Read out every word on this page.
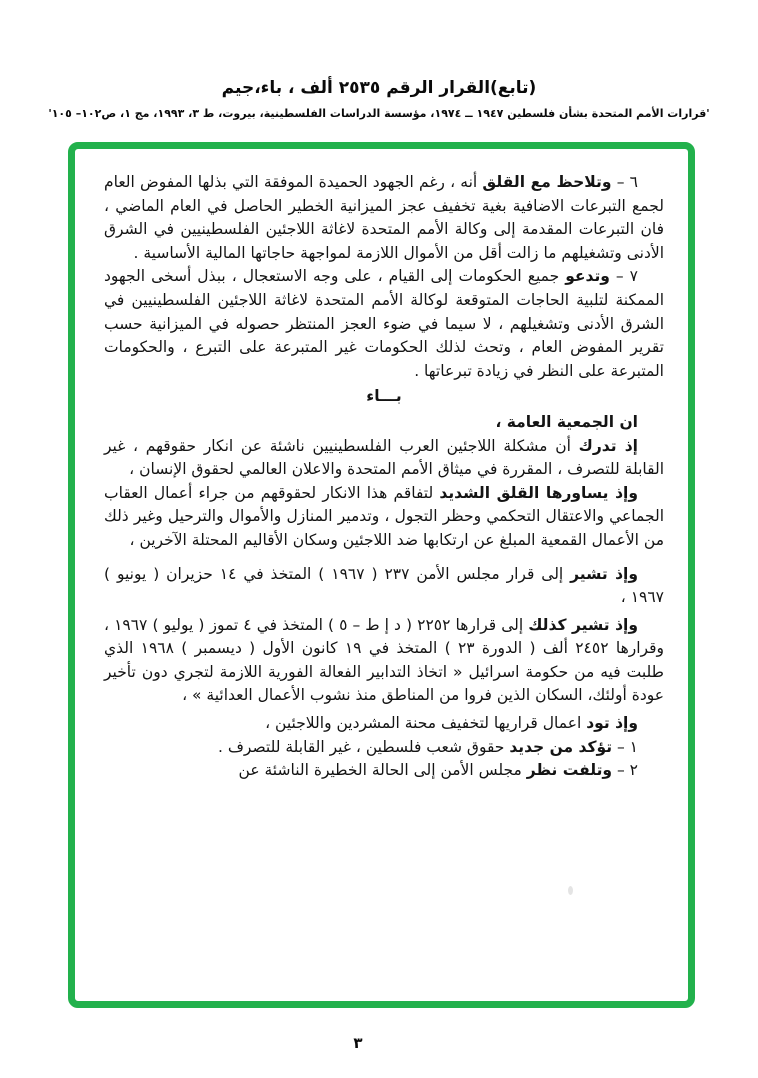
(تابع)القرار الرقم ٢٥٣٥ ألف ، باء،جيم
'قرارات الأمم المتحدة بشأن فلسطين ١٩٤٧ ــ ١٩٧٤، مؤسسة الدراسات الفلسطينية، بيروت، ط ٣، ١٩٩٣، مج ١، ص١٠٢– ١٠٥'

٦ – وتلاحظ مع القلق أنه ، رغم الجهود الحميدة الموفقة التي بذلها المفوض العام لجمع التبرعات الاضافية بغية تخفيف عجز الميزانية الخطير الحاصل في العام الماضي ، فان التبرعات المقدمة إلى وكالة الأمم المتحدة لاغاثة اللاجئين الفلسطينيين في الشرق الأدنى وتشغيلهم ما زالت أقل من الأموال اللازمة لمواجهة حاجاتها المالية الأساسية .

٧ – وتدعو جميع الحكومات إلى القيام ، على وجه الاستعجال ، ببذل أسخى الجهود الممكنة لتلبية الحاجات المتوقعة لوكالة الأمم المتحدة لاغاثة اللاجئين الفلسطينيين في الشرق الأدنى وتشغيلهم ، لا سيما في ضوء العجز المنتظر حصوله في الميزانية حسب تقرير المفوض العام ، وتحث لذلك الحكومات غير المتبرعة على التبرع ، والحكومات المتبرعة على النظر في زيادة تبرعاتها .

بـــاء

ان الجمعية العامة ،

إذ تدرك أن مشكلة اللاجئين العرب الفلسطينيين ناشئة عن انكار حقوقهم ، غير القابلة للتصرف ، المقررة في ميثاق الأمم المتحدة والاعلان العالمي لحقوق الإنسان ،

وإذ يساورها القلق الشديد لتفاقم هذا الانكار لحقوقهم من جراء أعمال العقاب الجماعي والاعتقال التحكمي وحظر التجول ، وتدمير المنازل والأموال والترحيل وغير ذلك من الأعمال القمعية المبلغ عن ارتكابها ضد اللاجئين وسكان الأقاليم المحتلة الآخرين ،

وإذ تشير إلى قرار مجلس الأمن ٢٣٧ ( ١٩٦٧ ) المتخذ في ١٤ حزيران ( يونيو ) ١٩٦٧ ،

وإذ تشير كذلك إلى قرارها ٢٢٥٢ ( د إ ط – ٥ ) المتخذ في ٤ تموز ( يوليو ) ١٩٦٧ ، وقرارها ٢٤٥٢ ألف ( الدورة ٢٣ ) المتخذ في ١٩ كانون الأول ( ديسمبر ) ١٩٦٨ الذي طلبت فيه من حكومة اسرائيل « اتخاذ التدابير الفعالة الفورية اللازمة لتجري دون تأخير عودة أولئك، السكان الذين فروا من المناطق منذ نشوب الأعمال العدائية » ،

وإذ تود اعمال قراريها لتخفيف محنة المشردين واللاجئين ،

١ – تؤكد من جديد حقوق شعب فلسطين ، غير القابلة للتصرف .

٢ – وتلفت نظر مجلس الأمن إلى الحالة الخطيرة الناشئة عن

٣
